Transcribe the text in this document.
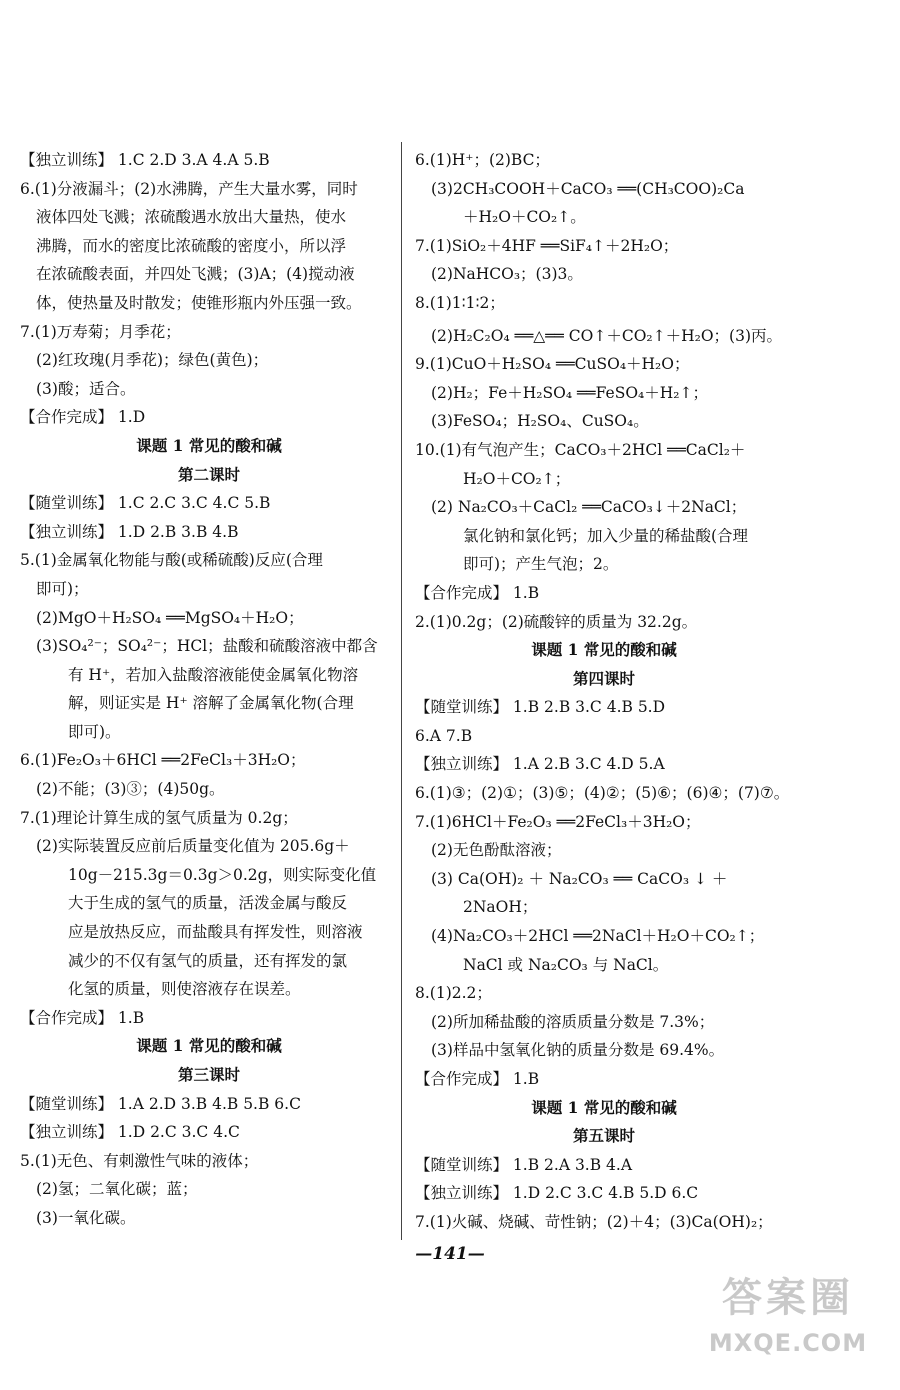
【独立训练】 1.C 2.D 3.A 4.A 5.B
6.(1)分液漏斗；(2)水沸腾，产生大量水雾，同时
液体四处飞溅；浓硫酸遇水放出大量热，使水
沸腾，而水的密度比浓硫酸的密度小，所以浮
在浓硫酸表面，并四处飞溅；(3)A；(4)搅动液
体，使热量及时散发；使锥形瓶内外压强一致。
7.(1)万寿菊；月季花；
(2)红玫瑰(月季花)；绿色(黄色)；
(3)酸；适合。
【合作完成】 1.D
课题 1 常见的酸和碱
第二课时
【随堂训练】 1.C 2.C 3.C 4.C 5.B
【独立训练】 1.D 2.B 3.B 4.B
5.(1)金属氧化物能与酸(或稀硫酸)反应(合理
即可)；
(2)MgO＋H₂SO₄ ══MgSO₄＋H₂O；
(3)SO₄²⁻；SO₄²⁻；HCl；盐酸和硫酸溶液中都含
有 H⁺，若加入盐酸溶液能使金属氧化物溶
解，则证实是 H⁺ 溶解了金属氧化物(合理
即可)。
6.(1)Fe₂O₃＋6HCl ══2FeCl₃＋3H₂O；
(2)不能；(3)③；(4)50g。
7.(1)理论计算生成的氢气质量为 0.2g；
(2)实际装置反应前后质量变化值为 205.6g＋
10g－215.3g＝0.3g＞0.2g，则实际变化值
大于生成的氢气的质量，活泼金属与酸反
应是放热反应，而盐酸具有挥发性，则溶液
减少的不仅有氢气的质量，还有挥发的氯
化氢的质量，则使溶液存在误差。
【合作完成】 1.B
课题 1 常见的酸和碱
第三课时
【随堂训练】 1.A 2.D 3.B 4.B 5.B 6.C
【独立训练】 1.D 2.C 3.C 4.C
5.(1)无色、有刺激性气味的液体；
(2)氢；二氧化碳；蓝；
(3)一氧化碳。
6.(1)H⁺；(2)BC；
(3)2CH₃COOH＋CaCO₃ ══(CH₃COO)₂Ca
＋H₂O＋CO₂↑。
7.(1)SiO₂＋4HF ══SiF₄↑＋2H₂O；
(2)NaHCO₃；(3)3。
8.(1)1∶1∶2；
(2)H₂C₂O₄ ══△══ CO↑＋CO₂↑＋H₂O；(3)丙。
9.(1)CuO＋H₂SO₄ ══CuSO₄＋H₂O；
(2)H₂；Fe＋H₂SO₄ ══FeSO₄＋H₂↑；
(3)FeSO₄；H₂SO₄、CuSO₄。
10.(1)有气泡产生；CaCO₃＋2HCl ══CaCl₂＋
H₂O＋CO₂↑；
(2) Na₂CO₃＋CaCl₂ ══CaCO₃↓＋2NaCl；
氯化钠和氯化钙；加入少量的稀盐酸(合理
即可)；产生气泡；2。
【合作完成】 1.B
2.(1)0.2g；(2)硫酸锌的质量为 32.2g。
课题 1 常见的酸和碱
第四课时
【随堂训练】 1.B 2.B 3.C 4.B 5.D
6.A 7.B
【独立训练】 1.A 2.B 3.C 4.D 5.A
6.(1)③；(2)①；(3)⑤；(4)②；(5)⑥；(6)④；(7)⑦。
7.(1)6HCl＋Fe₂O₃ ══2FeCl₃＋3H₂O；
(2)无色酚酞溶液；
(3) Ca(OH)₂ ＋ Na₂CO₃ ══ CaCO₃ ↓ ＋
2NaOH；
(4)Na₂CO₃＋2HCl ══2NaCl＋H₂O＋CO₂↑；
NaCl 或 Na₂CO₃ 与 NaCl。
8.(1)2.2；
(2)所加稀盐酸的溶质质量分数是 7.3%；
(3)样品中氢氧化钠的质量分数是 69.4%。
【合作完成】 1.B
课题 1 常见的酸和碱
第五课时
【随堂训练】 1.B 2.A 3.B 4.A
【独立训练】 1.D 2.C 3.C 4.B 5.D 6.C
7.(1)火碱、烧碱、苛性钠；(2)＋4；(3)Ca(OH)₂；
—141—
答案圈
MXQE.COM
